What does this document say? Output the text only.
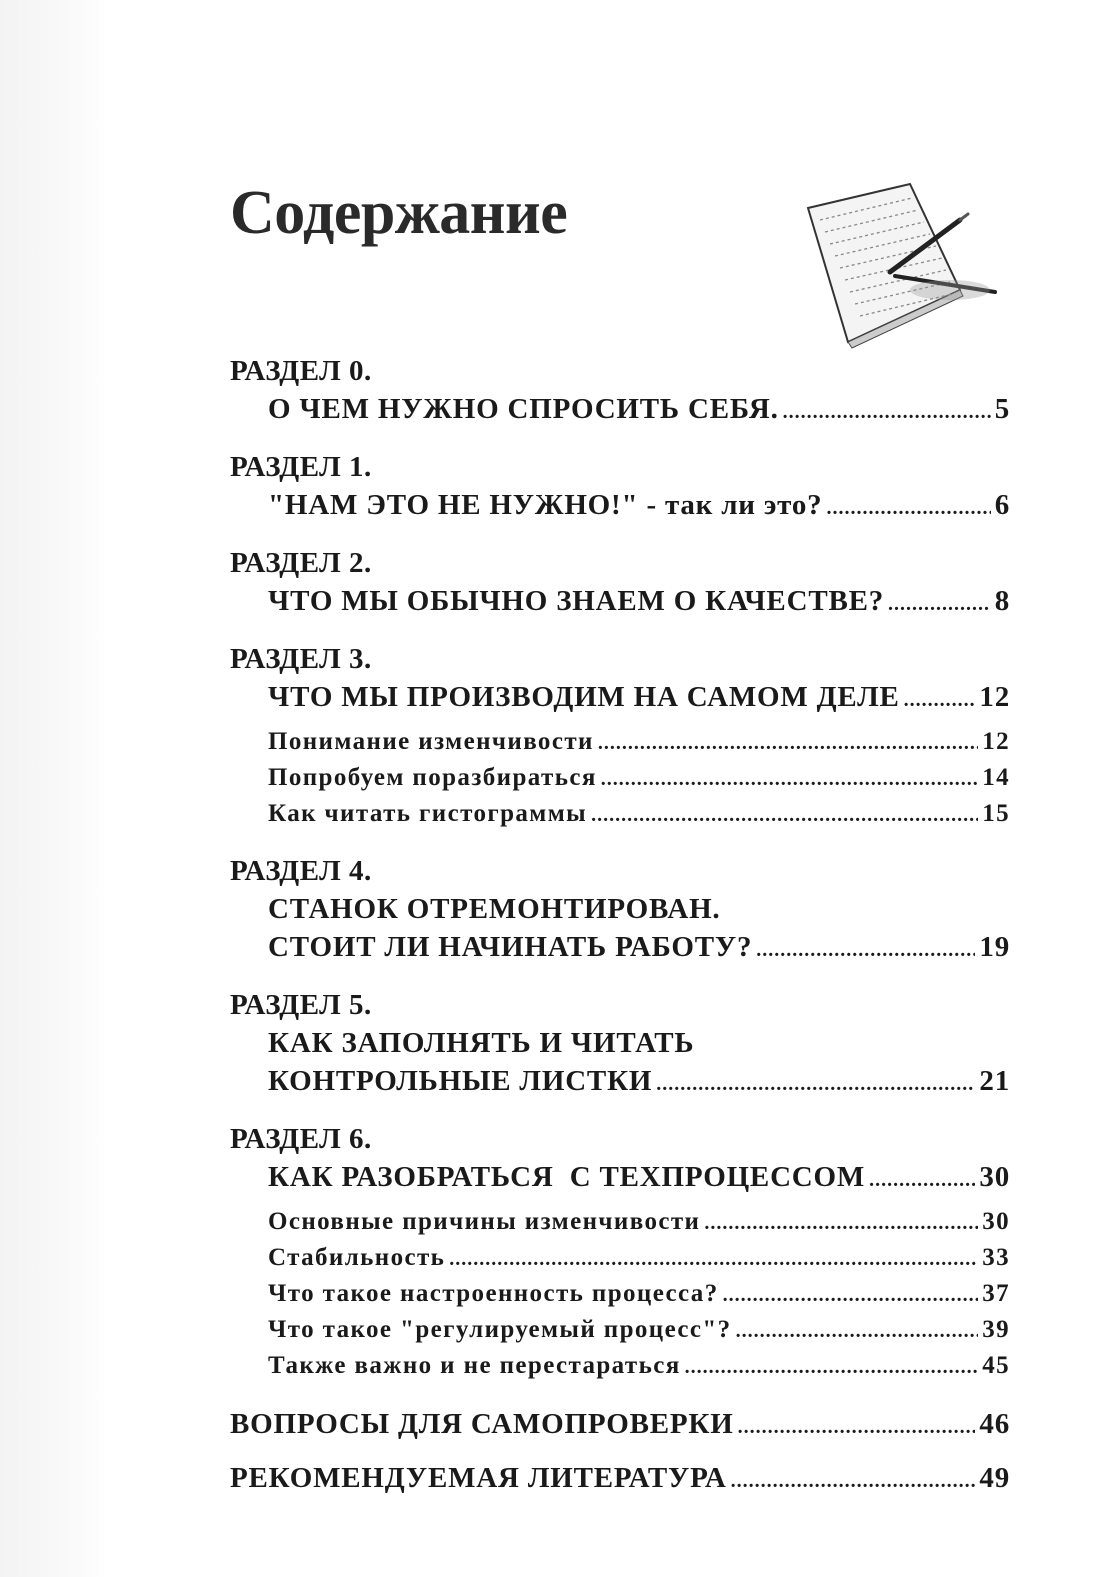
Содержание
РАЗДЕЛ 0.
О ЧЕМ НУЖНО СПРОСИТЬ СЕБЯ. .....	5
РАЗДЕЛ 1.
"НАМ ЭТО НЕ НУЖНО!" - так ли это? .....	6
РАЗДЕЛ 2.
ЧТО МЫ ОБЫЧНО ЗНАЕМ О КАЧЕСТВЕ? .....	8
РАЗДЕЛ 3.
ЧТО МЫ ПРОИЗВОДИМ НА САМОМ ДЕЛЕ .....	12
Понимание изменчивости .....	12
Попробуем поразбираться .....	14
Как читать гистограммы .....	15
РАЗДЕЛ 4.
СТАНОК ОТРЕМОНТИРОВАН.
СТОИТ ЛИ НАЧИНАТЬ РАБОТУ? .....	19
РАЗДЕЛ 5.
КАК ЗАПОЛНЯТЬ И ЧИТАТЬ
КОНТРОЛЬНЫЕ ЛИСТКИ .....	21
РАЗДЕЛ 6.
КАК РАЗОБРАТЬСЯ  С ТЕХПРОЦЕССОМ .....	30
Основные причины изменчивости .....	30
Стабильность .....	33
Что такое настроенность процесса? .....	37
Что такое "регулируемый процесс"? .....	39
Также важно и не перестараться .....	45
ВОПРОСЫ ДЛЯ САМОПРОВЕРКИ .....	46
РЕКОМЕНДУЕМАЯ ЛИТЕРАТУРА .....	49
